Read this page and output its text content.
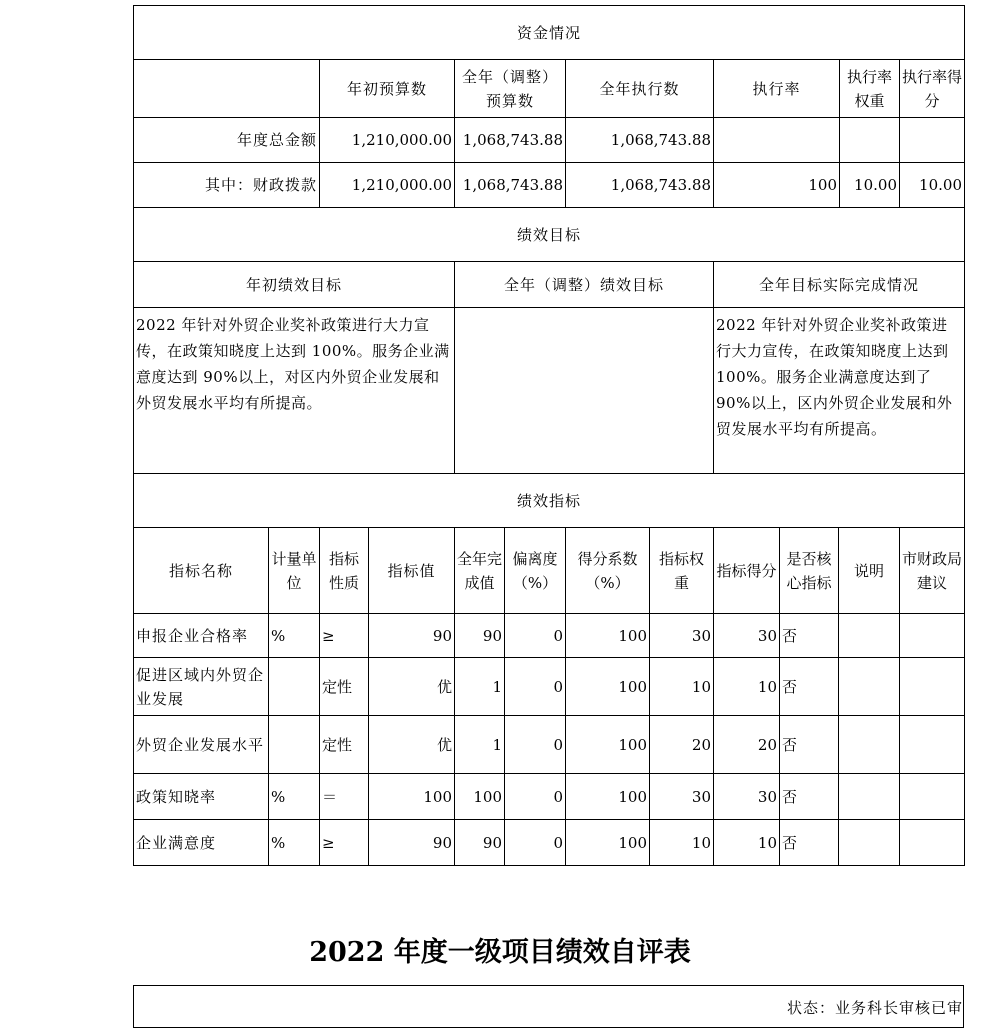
资金情况						
	年初预算数	全年（调整）预算数	全年执行数	执行率	执行率权重	执行率得分
年度总金额	1,210,000.00	1,068,743.88	1,068,743.88			
其中：财政拨款	1,210,000.00	1,068,743.88	1,068,743.88	100	10.00	10.00
绩效目标						
年初绩效目标		全年（调整）绩效目标		全年目标实际完成情况		
2022 年针对外贸企业奖补政策进行大力宣传，在政策知晓度上达到 100%。服务企业满意度达到 90%以上，对区内外贸企业发展和外贸发展水平均有所提高。				2022 年针对外贸企业奖补政策进行大力宣传，在政策知晓度上达到 100%。服务企业满意度达到了 90%以上，区内外贸企业发展和外贸发展水平均有所提高。		
绩效指标											
指标名称	计量单位	指标性质	指标值	全年完成值	偏离度（%）	得分系数（%）	指标权重	指标得分	是否核心指标	说明	市财政局建议
申报企业合格率	%	≥	90	90	0	100	30	30	否		
促进区域内外贸企业发展		定性	优	1	0	100	10	10	否		
外贸企业发展水平		定性	优	1	0	100	20	20	否		
政策知晓率	%	＝	100	100	0	100	30	30	否		
企业满意度	%	≥	90	90	0	100	10	10	否		
2022 年度一级项目绩效自评表
状态：业务科长审核已审
